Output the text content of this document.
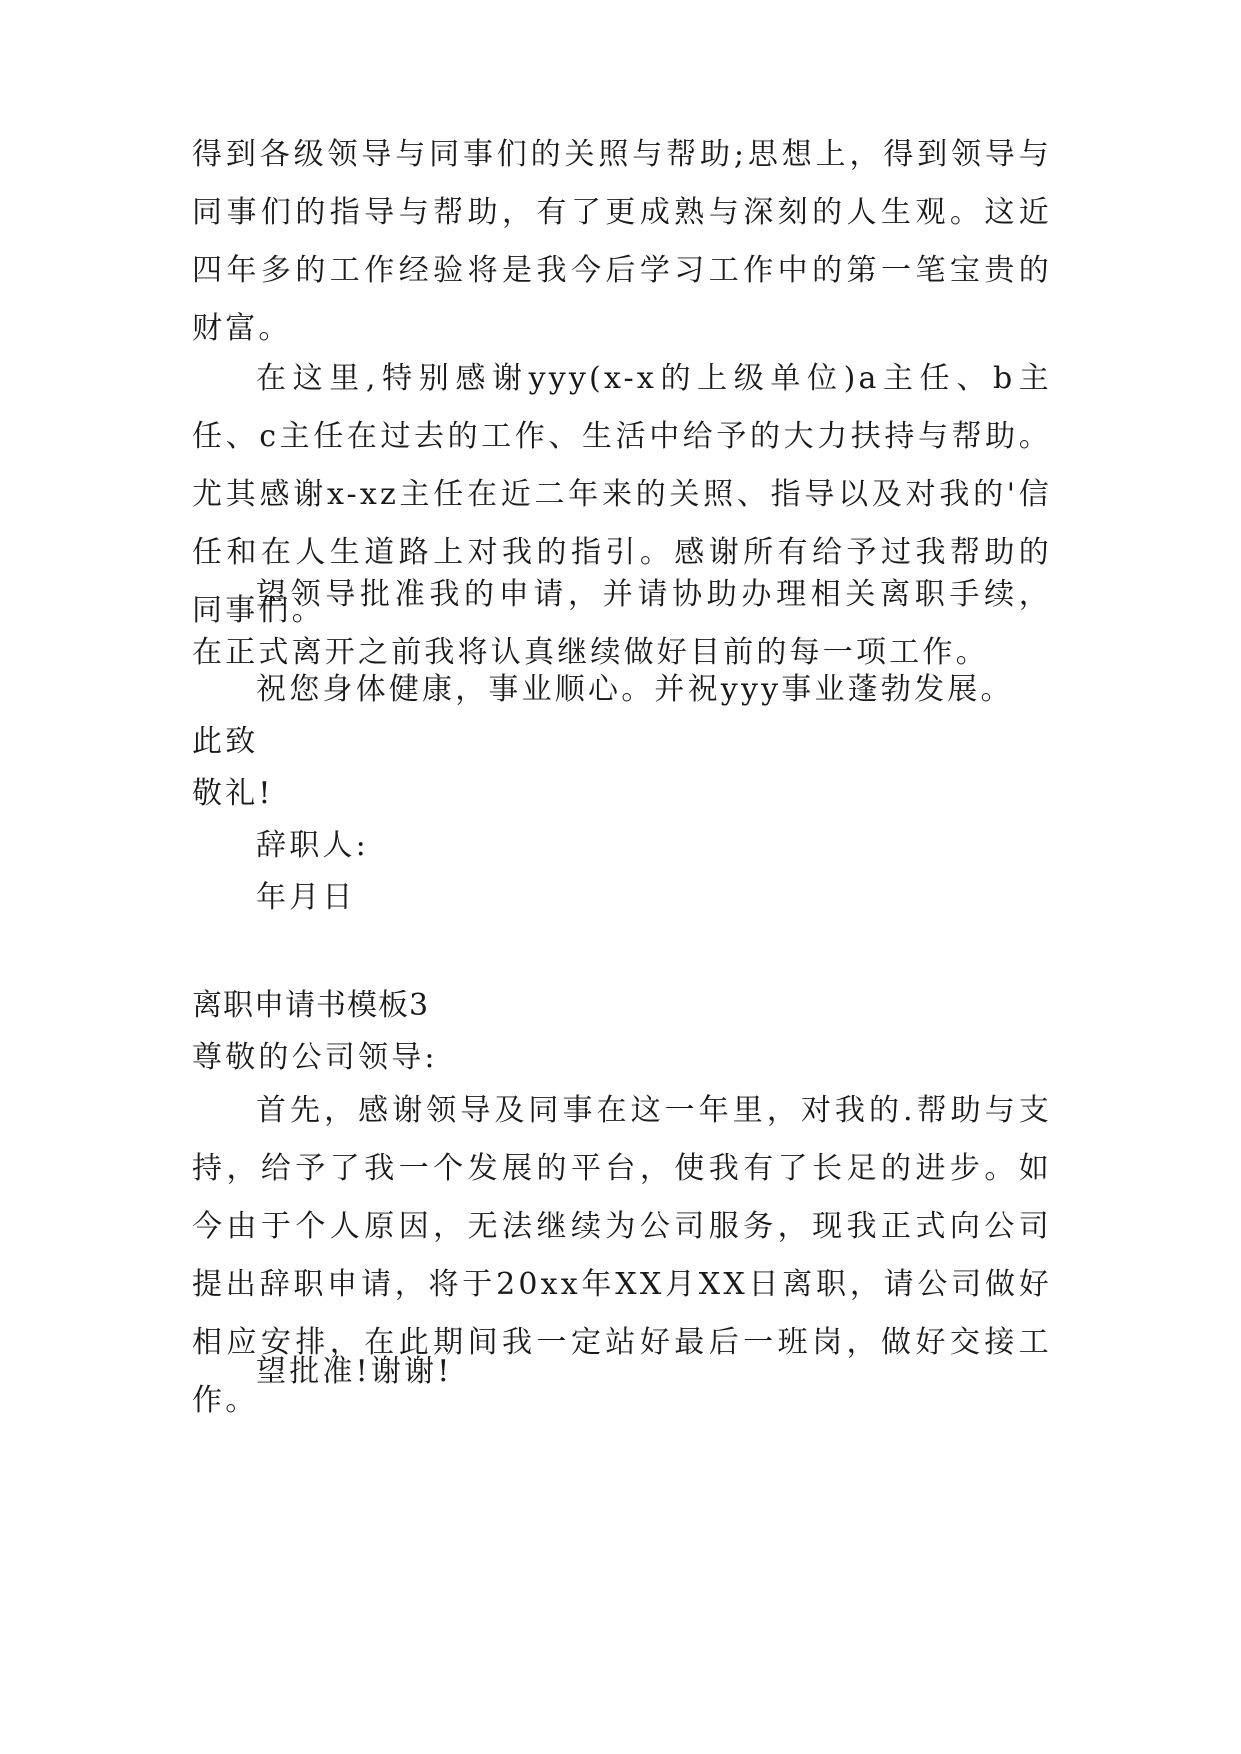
得到各级领导与同事们的关照与帮助;思想上，得到领导与同事们的指导与帮助，有了更成熟与深刻的人生观。这近四年多的工作经验将是我今后学习工作中的第一笔宝贵的财富。
在这里,特别感谢yyy(x-x的上级单位)a主任、b主任、c主任在过去的工作、生活中给予的大力扶持与帮助。尤其感谢x-xz主任在近二年来的关照、指导以及对我的'信任和在人生道路上对我的指引。感谢所有给予过我帮助的同事们。
望领导批准我的申请，并请协助办理相关离职手续，在正式离开之前我将认真继续做好目前的每一项工作。
祝您身体健康，事业顺心。并祝yyy事业蓬勃发展。
此致
敬礼!
辞职人:
年月日
离职申请书模板3
尊敬的公司领导:
首先，感谢领导及同事在这一年里，对我的.帮助与支持，给予了我一个发展的平台，使我有了长足的进步。如今由于个人原因，无法继续为公司服务，现我正式向公司提出辞职申请，将于20xx年XX月XX日离职，请公司做好相应安排，在此期间我一定站好最后一班岗，做好交接工作。
望批准!谢谢!
